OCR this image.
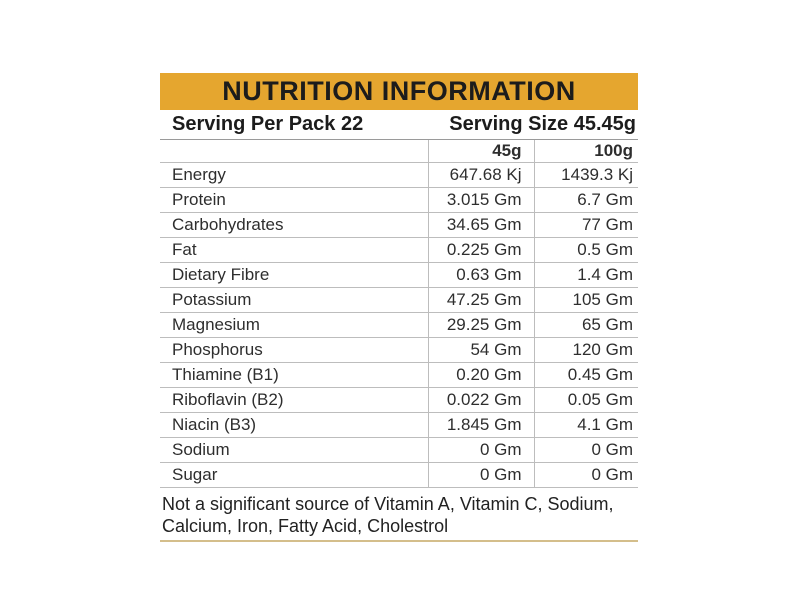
NUTRITION INFORMATION
Serving Per Pack 22	Serving Size 45.45g
	45g	100g
Energy	647.68 Kj	1439.3 Kj
Protein	3.015 Gm	6.7 Gm
Carbohydrates	34.65 Gm	77 Gm
Fat	0.225 Gm	0.5 Gm
Dietary Fibre	0.63 Gm	1.4 Gm
Potassium	47.25 Gm	105 Gm
Magnesium	29.25 Gm	65 Gm
Phosphorus	54 Gm	120 Gm
Thiamine (B1)	0.20 Gm	0.45 Gm
Riboflavin (B2)	0.022 Gm	0.05 Gm
Niacin (B3)	1.845 Gm	4.1 Gm
Sodium	0 Gm	0 Gm
Sugar	0 Gm	0 Gm
Not a significant source of Vitamin A, Vitamin C, Sodium,
Calcium, Iron, Fatty Acid, Cholestrol
